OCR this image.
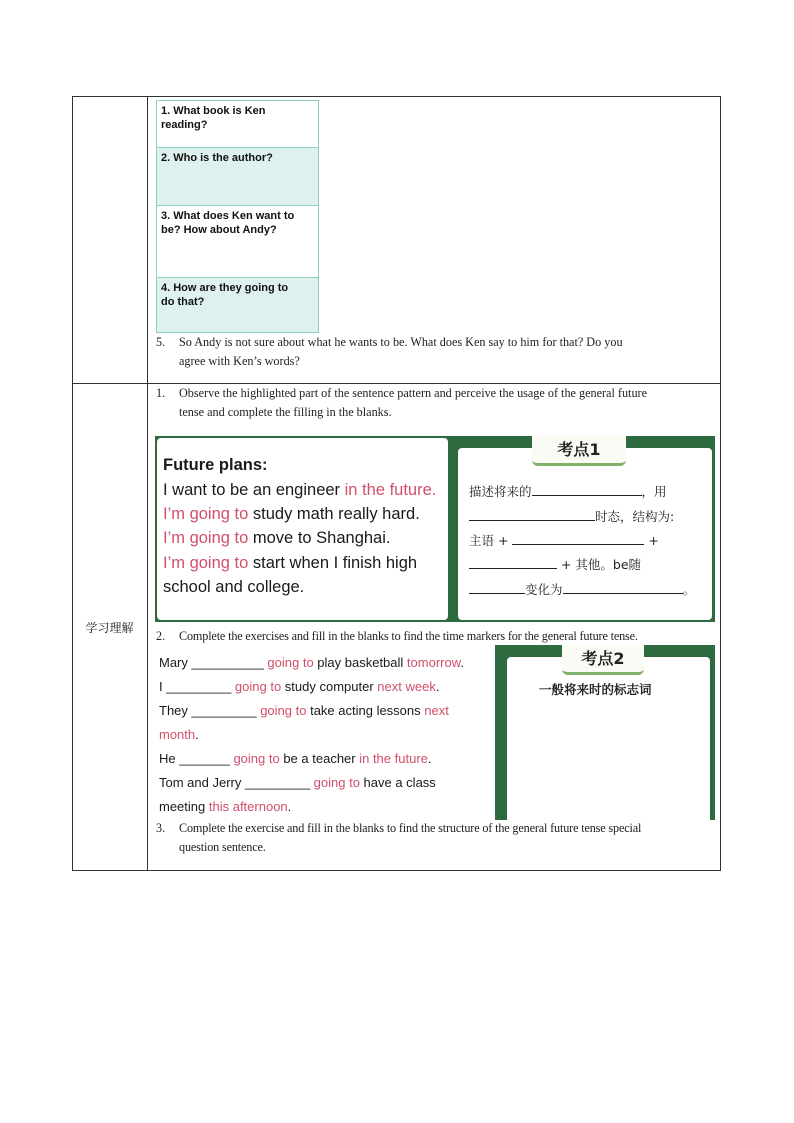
学习理解
1. What book is Ken
reading?
2. Who is the author?
3. What does Ken want to
be? How about Andy?
4. How are they going to
do that?
5. So Andy is not sure about what he wants to be. What does Ken say to him for that? Do you
agree with Ken’s words?
1. Observe the highlighted part of the sentence pattern and perceive the usage of the general future
tense and complete the filling in the blanks.
考点1
Future plans:
I want to be an engineer in the future.
I’m going to study math really hard.
I’m going to move to Shanghai.
I’m going to start when I finish high
school and college.
描述将来的	，用
时态，结构为:
主语 +	+
+ 其他。be随
变化为	。
2. Complete the exercises and fill in the blanks to find the time markers for the general future tense.
考点2
一般将来时的标志词
Mary __________ going to play basketball tomorrow.
I _________ going to study computer next week.
They _________ going to take acting lessons next
month.
He _______ going to be a teacher in the future.
Tom and Jerry _________ going to have a class
meeting this afternoon.
3. Complete the exercise and fill in the blanks to find the structure of the general future tense special
question sentence.
